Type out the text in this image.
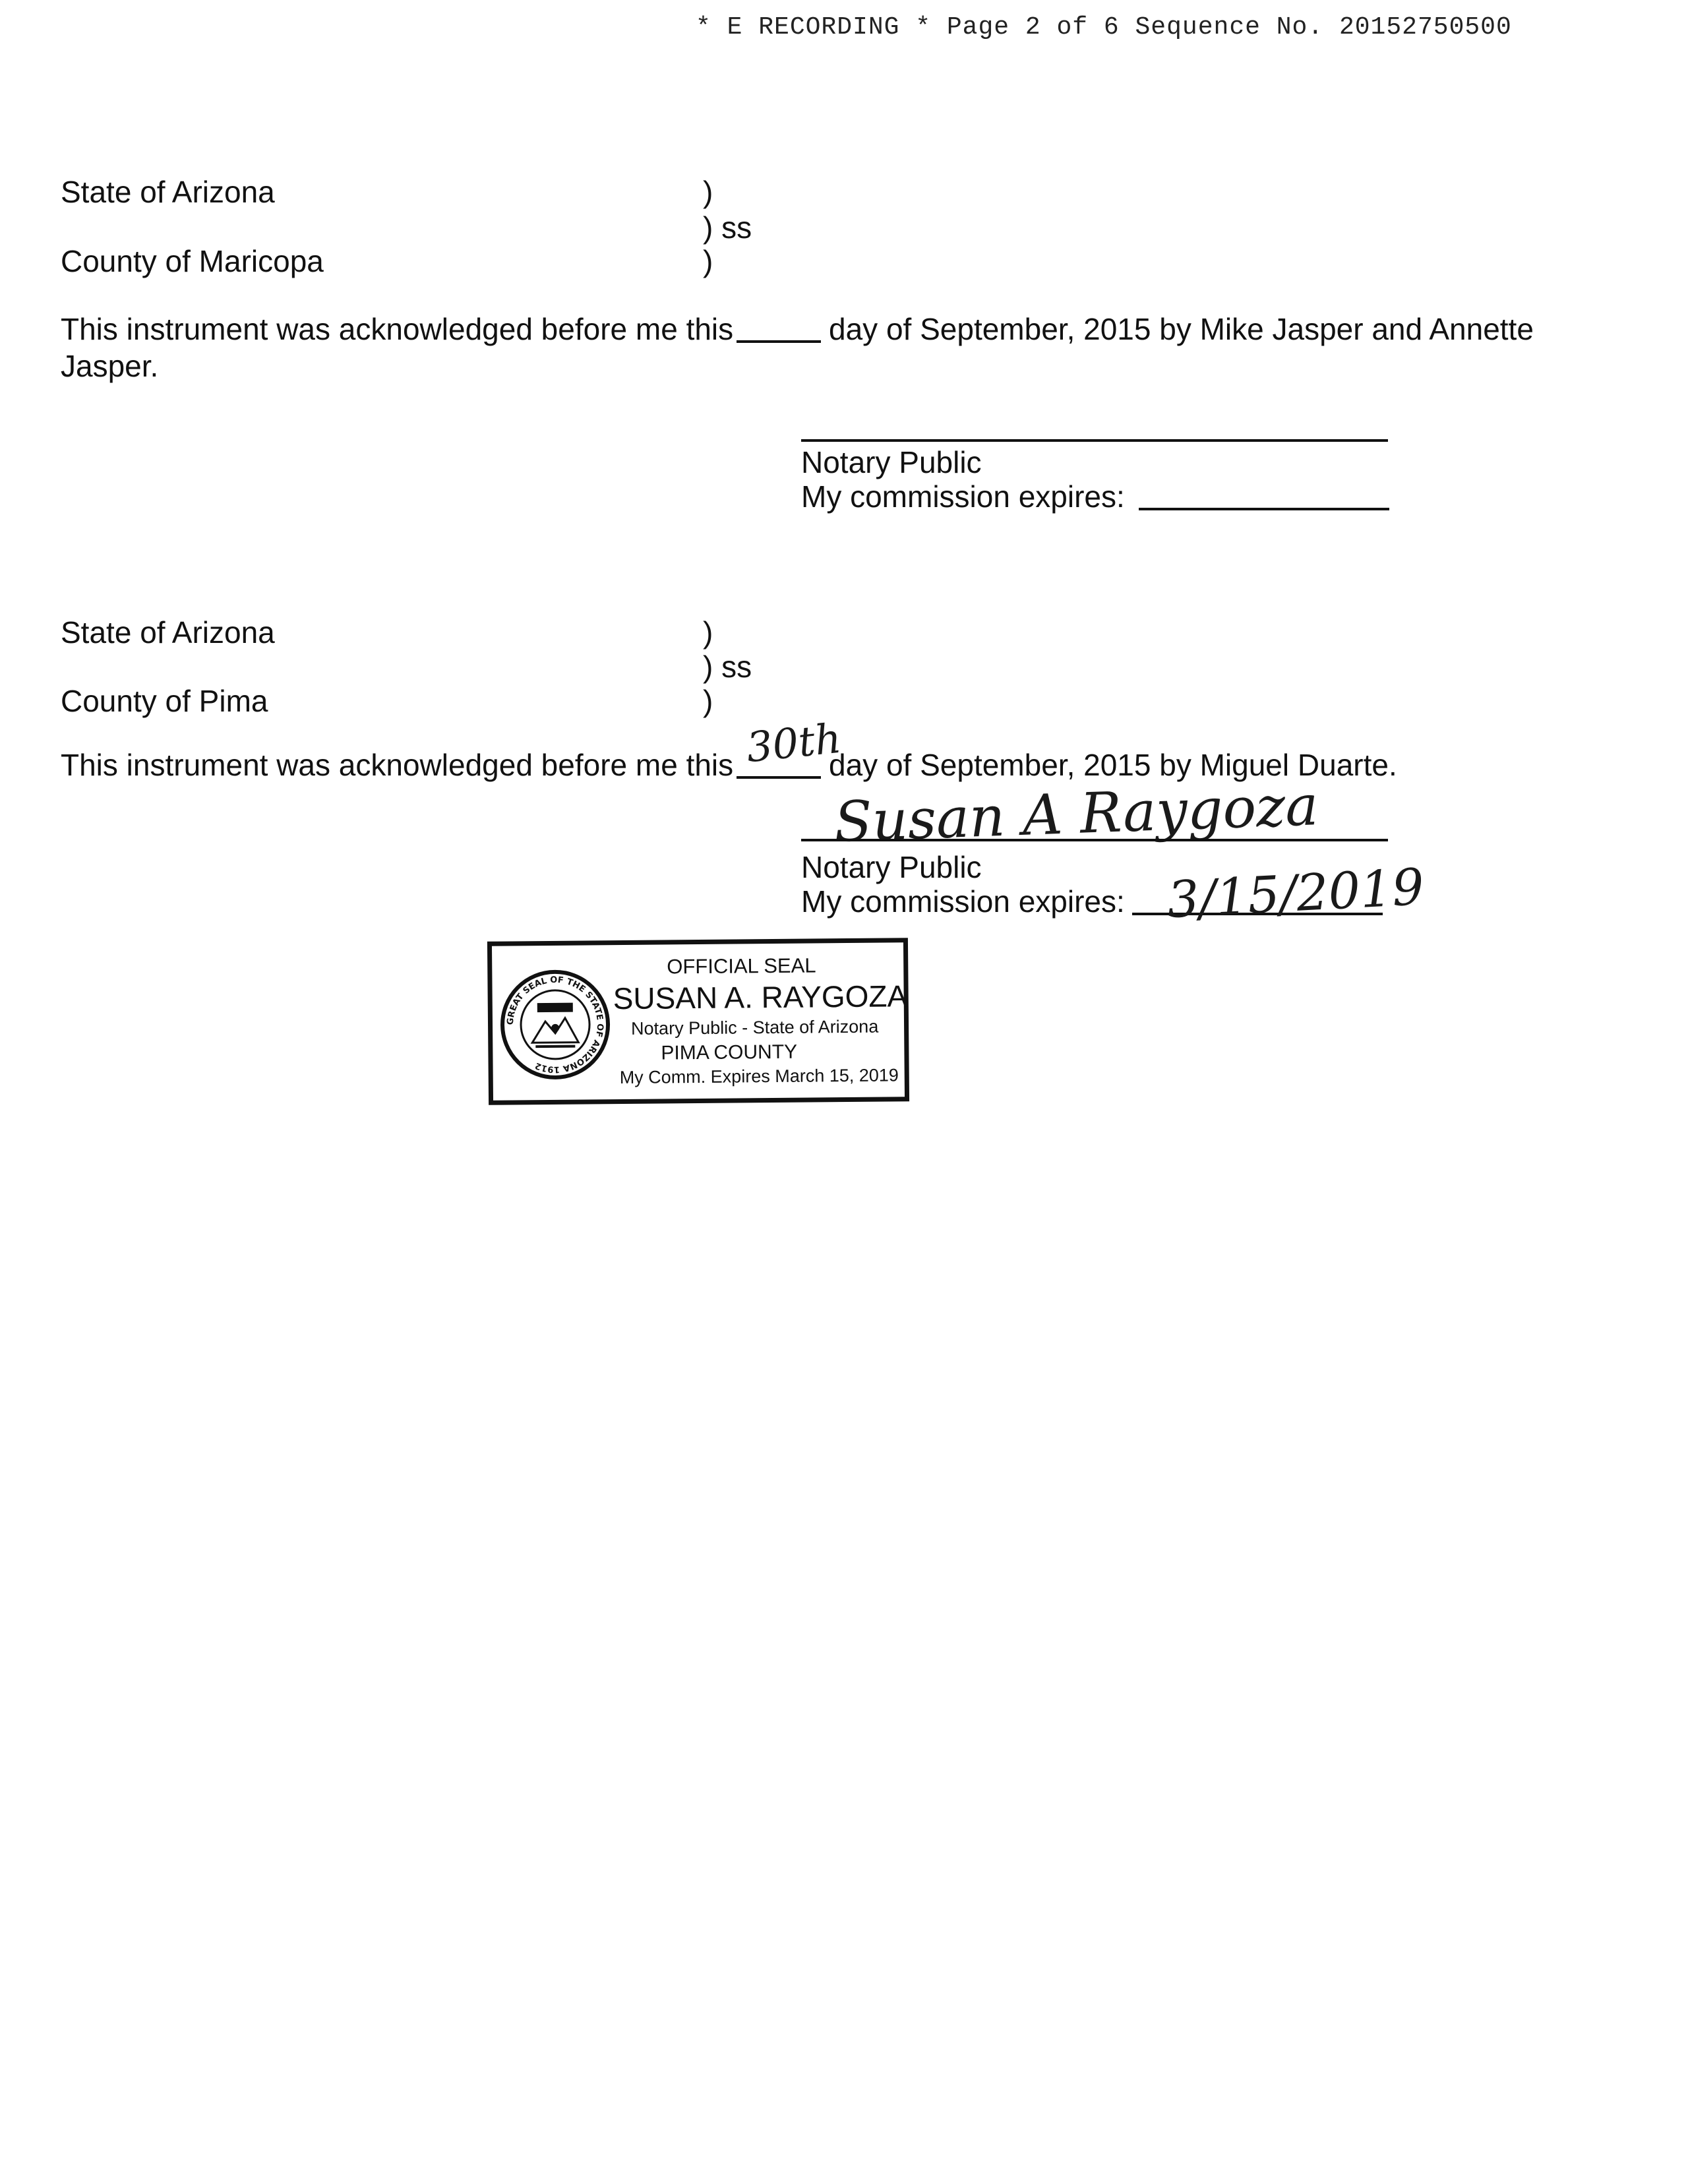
* E RECORDING * Page 2 of 6 Sequence No. 20152750500
State of Arizona	)
) ss
County of Maricopa	)
This instrument was acknowledged before me this	day of September, 2015 by Mike Jasper and Annette
Jasper.
Notary Public
My commission expires:
State of Arizona	)
) ss
County of Pima	)
This instrument was acknowledged before me this 30th
day of September, 2015 by Miguel Duarte.
Susan A Raygoza
Notary Public
My commission expires: 3/15/2019
GREAT SEAL OF THE STATE OF ARIZONA 1912
OFFICIAL SEAL
SUSAN A. RAYGOZA
Notary Public - State of Arizona
PIMA COUNTY
My Comm. Expires March 15, 2019
